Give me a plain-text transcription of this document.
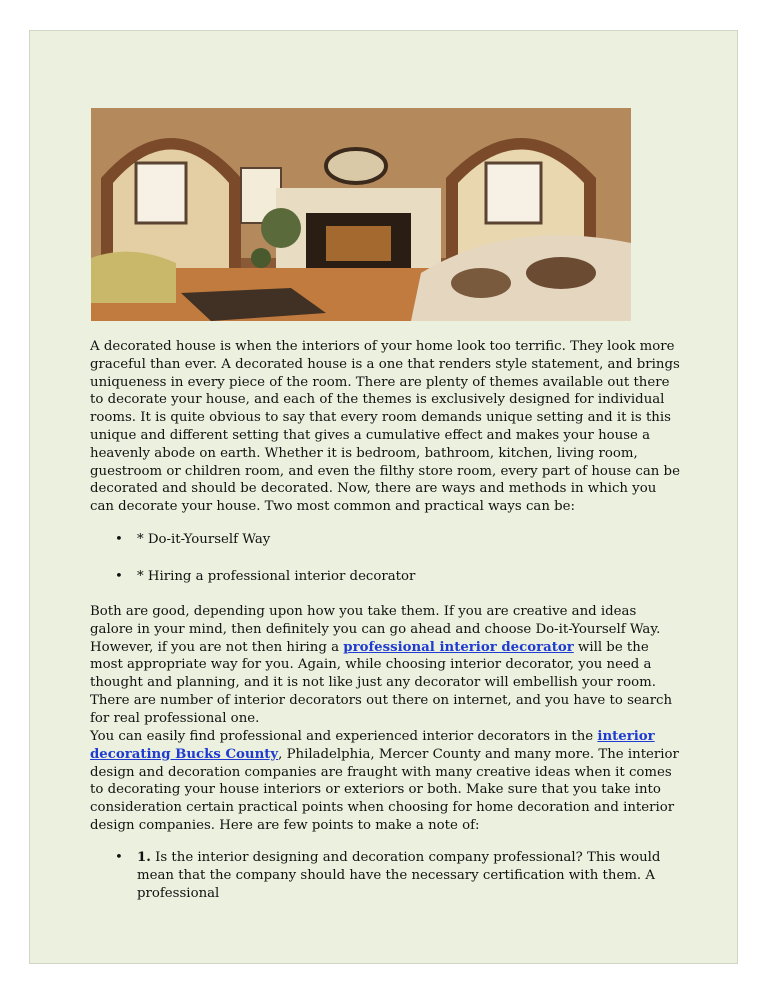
A decorated house is when the interiors of your home look too terrific. They look more graceful than ever. A decorated house is a one that renders style statement, and brings uniqueness in every piece of the room. There are plenty of themes available out there to decorate your house, and each of the themes is exclusively designed for individual rooms. It is quite obvious to say that every room demands unique setting and it is this unique and different setting that gives a cumulative effect and makes your house a heavenly abode on earth. Whether it is bedroom, bathroom, kitchen, living room, guestroom or children room, and even the filthy store room, every part of house can be decorated and should be decorated. Now, there are ways and methods in which you can decorate your house. Two most common and practical ways can be:

• * Do-it-Yourself Way
• * Hiring a professional interior decorator

Both are good, depending upon how you take them. If you are creative and ideas galore in your mind, then definitely you can go ahead and choose Do-it-Yourself Way. However, if you are not then hiring a professional interior decorator will be the most appropriate way for you. Again, while choosing interior decorator, you need a thought and planning, and it is not like just any decorator will embellish your room. There are number of interior decorators out there on internet, and you have to search for real professional one.

You can easily find professional and experienced interior decorators in the interior decorating Bucks County, Philadelphia, Mercer County and many more. The interior design and decoration companies are fraught with many creative ideas when it comes to decorating your house interiors or exteriors or both. Make sure that you take into consideration certain practical points when choosing for home decoration and interior design companies. Here are few points to make a note of:

• 1. Is the interior designing and decoration company professional? This would mean that the company should have the necessary certification with them. A professional
